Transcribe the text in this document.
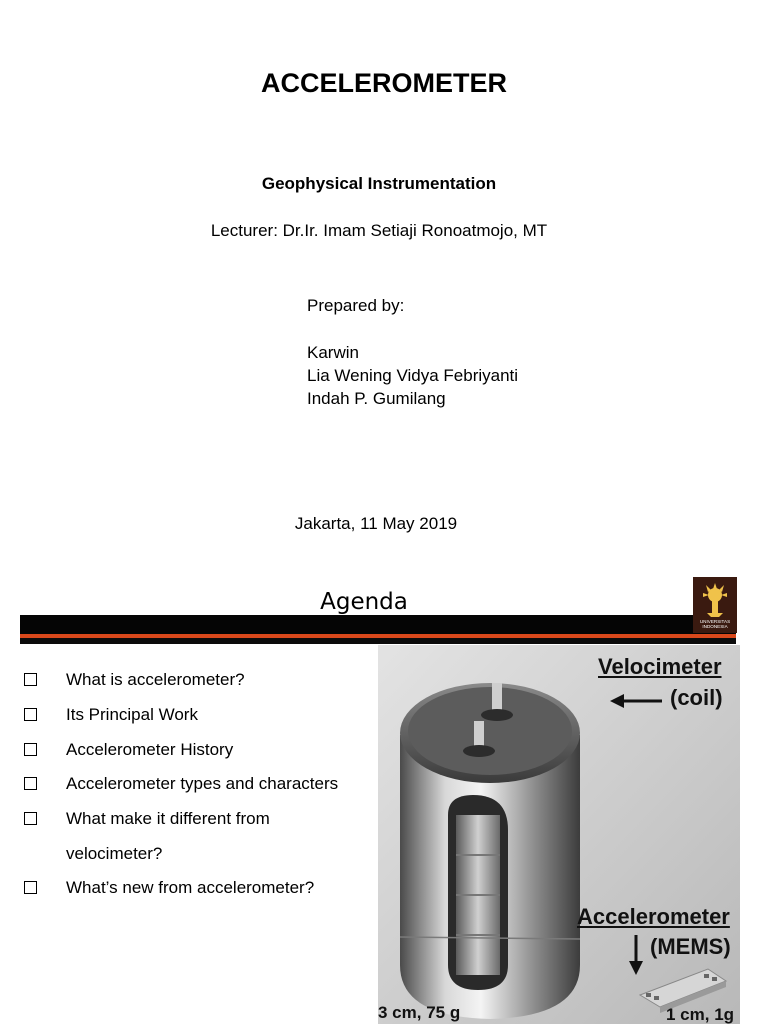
ACCELEROMETER
Geophysical Instrumentation
Lecturer: Dr.Ir. Imam Setiaji Ronoatmojo, MT
Prepared by:
Karwin
Lia Wening Vidya Febriyanti
Indah P. Gumilang
Jakarta, 11 May 2019
Agenda
UNIVERSITAS
INDONESIA
What is accelerometer?
Its Principal Work
Accelerometer History
Accelerometer types and characters
What make it different from
velocimeter?
What’s new from accelerometer?
Velocimeter
(coil)
Accelerometer
(MEMS)
3 cm, 75 g	1 cm, 1g
